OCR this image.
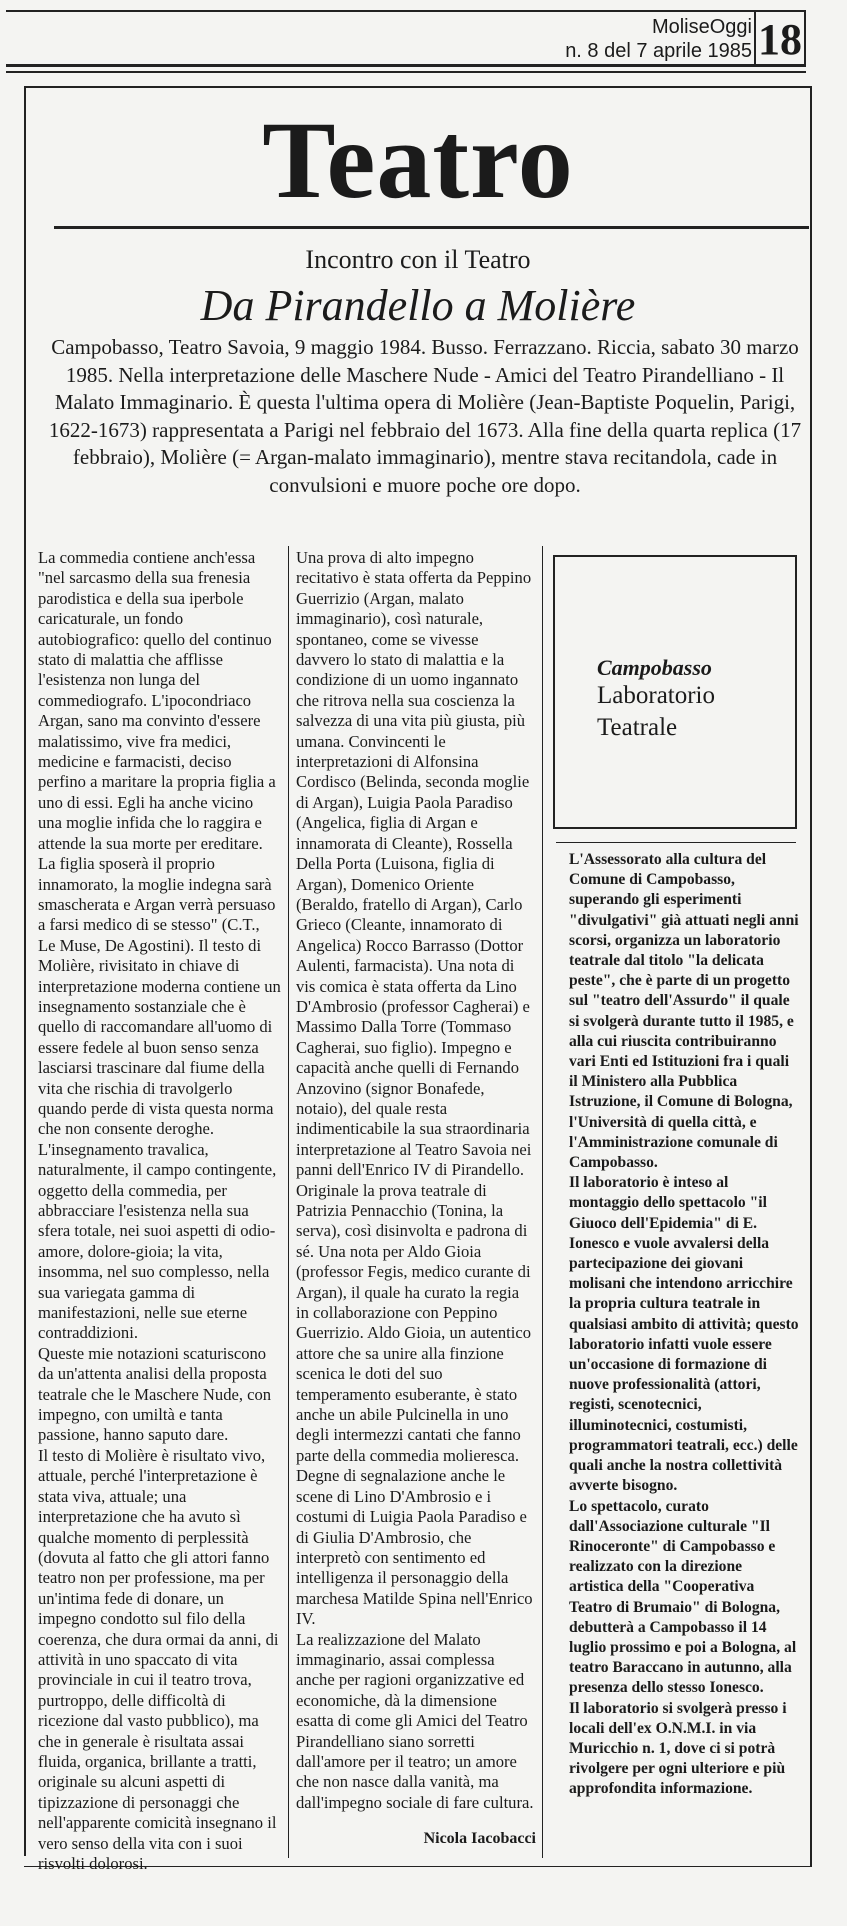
MoliseOggi
n. 8 del 7 aprile 1985 18
Teatro
Incontro con il Teatro
Da Pirandello a Molière
Campobasso, Teatro Savoia, 9 maggio 1984. Busso. Ferrazzano. Riccia, sabato 30 marzo 1985. Nella interpretazione delle Maschere Nude - Amici del Teatro Pirandelliano - Il Malato Immaginario. È questa l'ultima opera di Molière (Jean-Baptiste Poquelin, Parigi, 1622-1673) rappresentata a Parigi nel febbraio del 1673. Alla fine della quarta replica (17 febbraio), Molière (= Argan-malato immaginario), mentre stava recitandola, cade in convulsioni e muore poche ore dopo.

La commedia contiene anch'essa "nel sarcasmo della sua frenesia parodistica e della sua iperbole caricaturale, un fondo autobiografico: quello del continuo stato di malattia che afflisse l'esistenza non lunga del commediografo. L'ipocondriaco Argan, sano ma convinto d'essere malatissimo, vive fra medici, medicine e farmacisti, deciso perfino a maritare la propria figlia a uno di essi. Egli ha anche vicino una moglie infida che lo raggira e attende la sua morte per ereditare. La figlia sposerà il proprio innamorato, la moglie indegna sarà smascherata e Argan verrà persuaso a farsi medico di se stesso" (C.T., Le Muse, De Agostini). Il testo di Molière, rivisitato in chiave di interpretazione moderna contiene un insegnamento sostanziale che è quello di raccomandare all'uomo di essere fedele al buon senso senza lasciarsi trascinare dal fiume della vita che rischia di travolgerlo quando perde di vista questa norma che non consente deroghe. L'insegnamento travalica, naturalmente, il campo contingente, oggetto della commedia, per abbracciare l'esistenza nella sua sfera totale, nei suoi aspetti di odio-amore, dolore-gioia; la vita, insomma, nel suo complesso, nella sua variegata gamma di manifestazioni, nelle sue eterne contraddizioni.

Queste mie notazioni scaturiscono da un'attenta analisi della proposta teatrale che le Maschere Nude, con impegno, con umiltà e tanta passione, hanno saputo dare.

Il testo di Molière è risultato vivo, attuale, perché l'interpretazione è stata viva, attuale; una interpretazione che ha avuto sì qualche momento di perplessità (dovuta al fatto che gli attori fanno teatro non per professione, ma per un'intima fede di donare, un impegno condotto sul filo della coerenza, che dura ormai da anni, di attività in uno spaccato di vita provinciale in cui il teatro trova, purtroppo, delle difficoltà di ricezione dal vasto pubblico), ma che in generale è risultata assai fluida, organica, brillante a tratti, originale su alcuni aspetti di tipizzazione di personaggi che nell'apparente comicità insegnano il vero senso della vita con i suoi risvolti dolorosi.

Una prova di alto impegno recitativo è stata offerta da Peppino Guerrizio (Argan, malato immaginario), così naturale, spontaneo, come se vivesse davvero lo stato di malattia e la condizione di un uomo ingannato che ritrova nella sua coscienza la salvezza di una vita più giusta, più umana. Convincenti le interpretazioni di Alfonsina Cordisco (Belinda, seconda moglie di Argan), Luigia Paola Paradiso (Angelica, figlia di Argan e innamorata di Cleante), Rossella Della Porta (Luisona, figlia di Argan), Domenico Oriente (Beraldo, fratello di Argan), Carlo Grieco (Cleante, innamorato di Angelica) Rocco Barrasso (Dottor Aulenti, farmacista). Una nota di vis comica è stata offerta da Lino D'Ambrosio (professor Cagherai) e Massimo Dalla Torre (Tommaso Cagherai, suo figlio). Impegno e capacità anche quelli di Fernando Anzovino (signor Bonafede, notaio), del quale resta indimenticabile la sua straordinaria interpretazione al Teatro Savoia nei panni dell'Enrico IV di Pirandello.

Originale la prova teatrale di Patrizia Pennacchio (Tonina, la serva), così disinvolta e padrona di sé. Una nota per Aldo Gioia (professor Fegis, medico curante di Argan), il quale ha curato la regia in collaborazione con Peppino Guerrizio. Aldo Gioia, un autentico attore che sa unire alla finzione scenica le doti del suo temperamento esuberante, è stato anche un abile Pulcinella in uno degli intermezzi cantati che fanno parte della commedia molieresca.

Degne di segnalazione anche le scene di Lino D'Ambrosio e i costumi di Luigia Paola Paradiso e di Giulia D'Ambrosio, che interpretò con sentimento ed intelligenza il personaggio della marchesa Matilde Spina nell'Enrico IV.

La realizzazione del Malato immaginario, assai complessa anche per ragioni organizzative ed economiche, dà la dimensione esatta di come gli Amici del Teatro Pirandelliano siano sorretti dall'amore per il teatro; un amore che non nasce dalla vanità, ma dall'impegno sociale di fare cultura.

Nicola Iacobacci
Campobasso
Laboratorio Teatrale

L'Assessorato alla cultura del Comune di Campobasso, superando gli esperimenti "divulgativi" già attuati negli anni scorsi, organizza un laboratorio teatrale dal titolo "la delicata peste", che è parte di un progetto sul "teatro dell'Assurdo" il quale si svolgerà durante tutto il 1985, e alla cui riuscita contribuiranno vari Enti ed Istituzioni fra i quali il Ministero alla Pubblica Istruzione, il Comune di Bologna, l'Università di quella città, e l'Amministrazione comunale di Campobasso.

Il laboratorio è inteso al montaggio dello spettacolo "il Giuoco dell'Epidemia" di E. Ionesco e vuole avvalersi della partecipazione dei giovani molisani che intendono arricchire la propria cultura teatrale in qualsiasi ambito di attività; questo laboratorio infatti vuole essere un'occasione di formazione di nuove professionalità (attori, registi, scenotecnici, illuminotecnici, costumisti, programmatori teatrali, ecc.) delle quali anche la nostra collettività avverte bisogno.

Lo spettacolo, curato dall'Associazione culturale "Il Rinoceronte" di Campobasso e realizzato con la direzione artistica della "Cooperativa Teatro di Brumaio" di Bologna, debutterà a Campobasso il 14 luglio prossimo e poi a Bologna, al teatro Baraccano in autunno, alla presenza dello stesso Ionesco.

Il laboratorio si svolgerà presso i locali dell'ex O.N.M.I. in via Muricchio n. 1, dove ci si potrà rivolgere per ogni ulteriore e più approfondita informazione.
